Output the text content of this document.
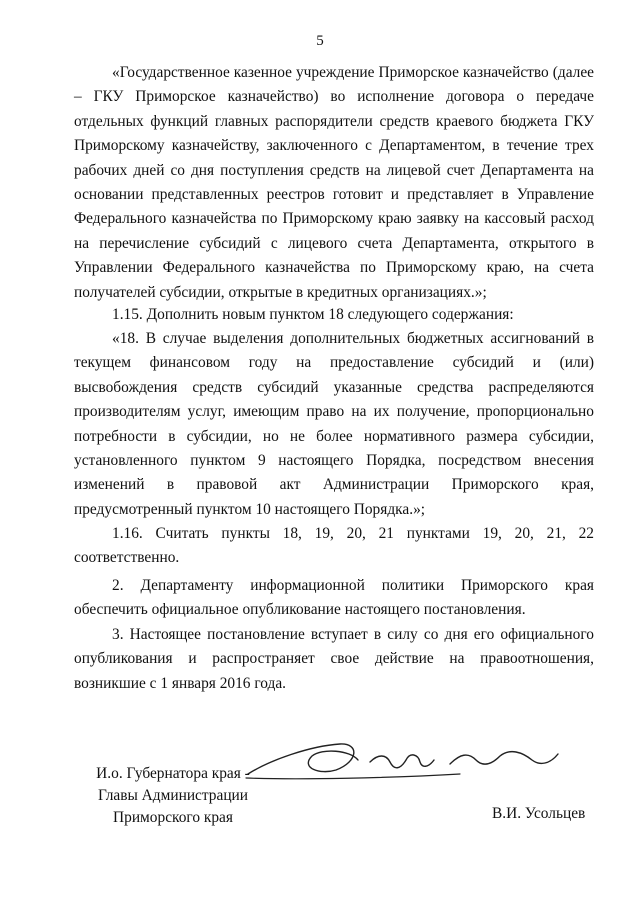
5

«Государственное казенное учреждение Приморское казначейство (далее – ГКУ Приморское казначейство) во исполнение договора о передаче отдельных функций главных распорядители средств краевого бюджета ГКУ Приморскому казначейству, заключенного с Департаментом, в течение трех рабочих дней со дня поступления средств на лицевой счет Департамента на основании представленных реестров готовит и представляет в Управление Федерального казначейства по Приморскому краю заявку на кассовый расход на перечисление субсидий с лицевого счета Департамента, открытого в Управлении Федерального казначейства по Приморскому краю, на счета получателей субсидии, открытые в кредитных организациях.»;

1.15. Дополнить новым пунктом 18 следующего содержания:

«18. В случае выделения дополнительных бюджетных ассигнований в текущем финансовом году на предоставление субсидий и (или) высвобождения средств субсидий указанные средства распределяются производителям услуг, имеющим право на их получение, пропорционально потребности в субсидии, но не более нормативного размера субсидии, установленного пунктом 9 настоящего Порядка, посредством внесения изменений в правовой акт Администрации Приморского края, предусмотренный пунктом 10 настоящего Порядка.»;

1.16. Считать пункты 18, 19, 20, 21 пунктами 19, 20, 21, 22 соответственно.

2. Департаменту информационной политики Приморского края обеспечить официальное опубликование настоящего постановления.

3. Настоящее постановление вступает в силу со дня его официального опубликования и распространяет свое действие на правоотношения, возникшие с 1 января 2016 года.

И.о. Губернатора края -
Главы Администрации
Приморского края	В.И. Усольцев
